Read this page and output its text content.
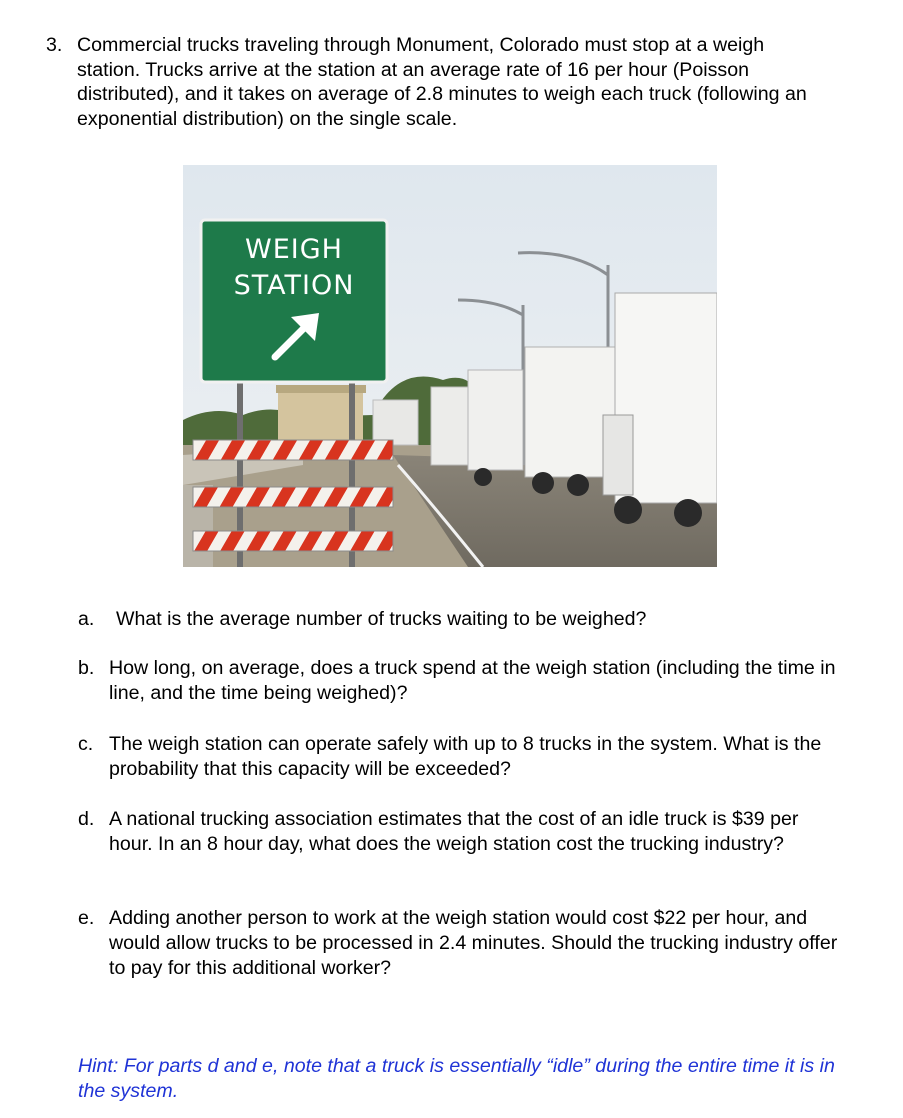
3. Commercial trucks traveling through Monument, Colorado must stop at a weigh station. Trucks arrive at the station at an average rate of 16 per hour (Poisson distributed), and it takes on average of 2.8 minutes to weigh each truck (following an exponential distribution) on the single scale.
WEIGH
STATION
a. What is the average number of trucks waiting to be weighed?
b. How long, on average, does a truck spend at the weigh station (including the time in line, and the time being weighed)?
c. The weigh station can operate safely with up to 8 trucks in the system. What is the probability that this capacity will be exceeded?
d. A national trucking association estimates that the cost of an idle truck is $39 per hour. In an 8 hour day, what does the weigh station cost the trucking industry?
e. Adding another person to work at the weigh station would cost $22 per hour, and would allow trucks to be processed in 2.4 minutes. Should the trucking industry offer to pay for this additional worker?
Hint: For parts d and e, note that a truck is essentially “idle” during the entire time it is in the system.
